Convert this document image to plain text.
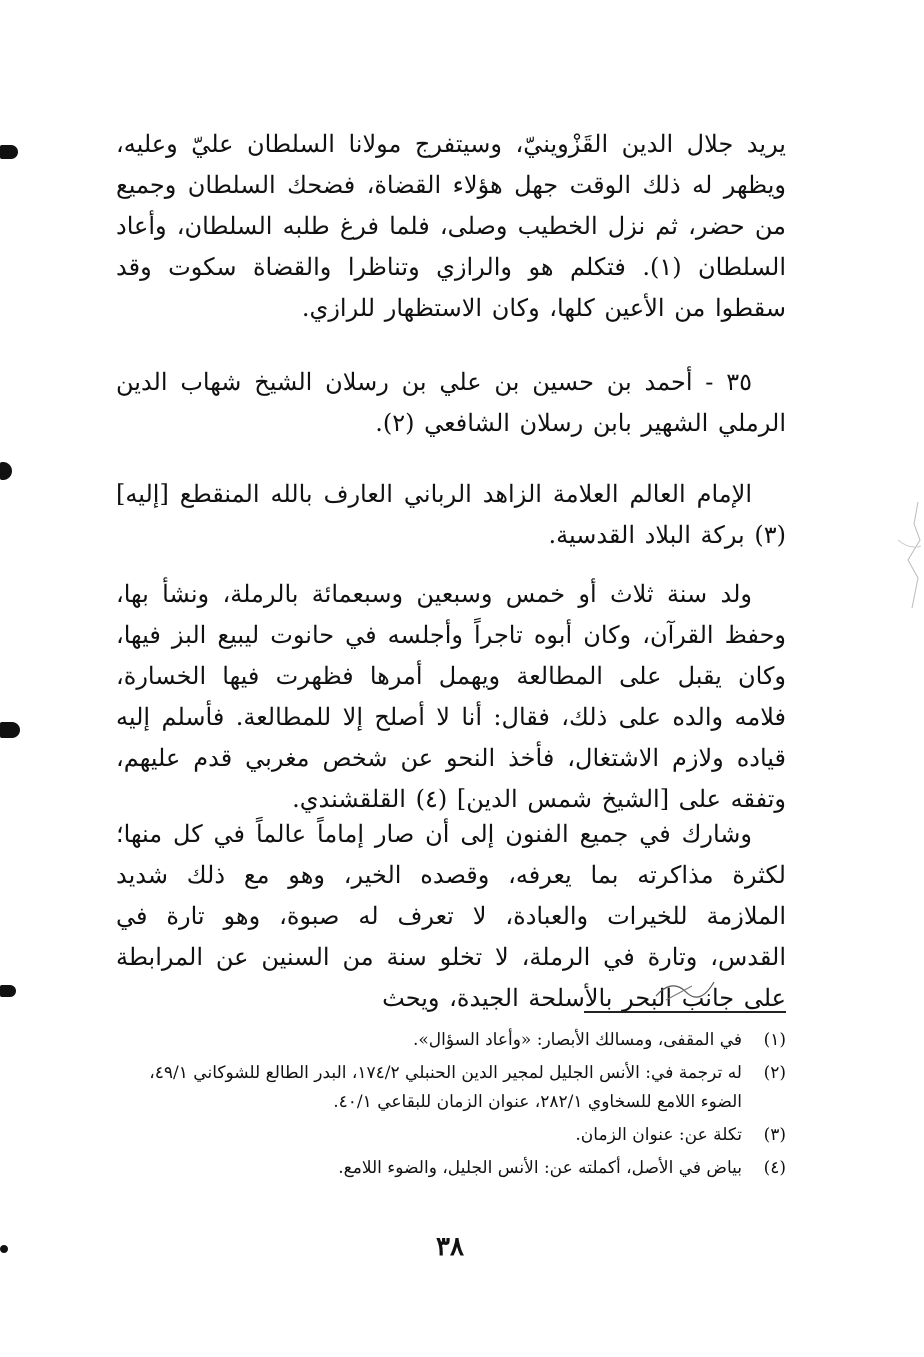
يريد جلال الدين القَزْوينيّ، وسيتفرج مولانا السلطان عليّ وعليه، ويظهر له ذلك الوقت جهل هؤلاء القضاة، فضحك السلطان وجميع من حضر، ثم نزل الخطيب وصلى، فلما فرغ طلبه السلطان، وأعاد السلطان (١). فتكلم هو والرازي وتناظرا والقضاة سكوت وقد سقطوا من الأعين كلها، وكان الاستظهار للرازي.

٣٥ - أحمد بن حسين بن علي بن رسلان الشيخ شهاب الدين الرملي الشهير بابن رسلان الشافعي (٢).

الإمام العالم العلامة الزاهد الرباني العارف بالله المنقطع [إليه] (٣) بركة البلاد القدسية.

ولد سنة ثلاث أو خمس وسبعين وسبعمائة بالرملة، ونشأ بها، وحفظ القرآن، وكان أبوه تاجراً وأجلسه في حانوت ليبيع البز فيها، وكان يقبل على المطالعة ويهمل أمرها فظهرت فيها الخسارة، فلامه والده على ذلك، فقال: أنا لا أصلح إلا للمطالعة. فأسلم إليه قياده ولازم الاشتغال، فأخذ النحو عن شخص مغربي قدم عليهم، وتفقه على [الشيخ شمس الدين] (٤) القلقشندي.

وشارك في جميع الفنون إلى أن صار إماماً عالماً في كل منها؛ لكثرة مذاكرته بما يعرفه، وقصده الخير، وهو مع ذلك شديد الملازمة للخيرات والعبادة، لا تعرف له صبوة، وهو تارة في القدس، وتارة في الرملة، لا تخلو سنة من السنين عن المرابطة على جانب البحر بالأسلحة الجيدة، ويحث

(١)
في المقفى، ومسالك الأبصار: «وأعاد السؤال».
(٢)
له ترجمة في: الأنس الجليل لمجير الدين الحنبلي ١٧٤/٢، البدر الطالع للشوكاني ٤٩/١، الضوء اللامع للسخاوي ٢٨٢/١، عنوان الزمان للبقاعي ٤٠/١.
(٣)
تكلة عن: عنوان الزمان.
(٤)
بياض في الأصل، أكملته عن: الأنس الجليل، والضوء اللامع.
٣٨
